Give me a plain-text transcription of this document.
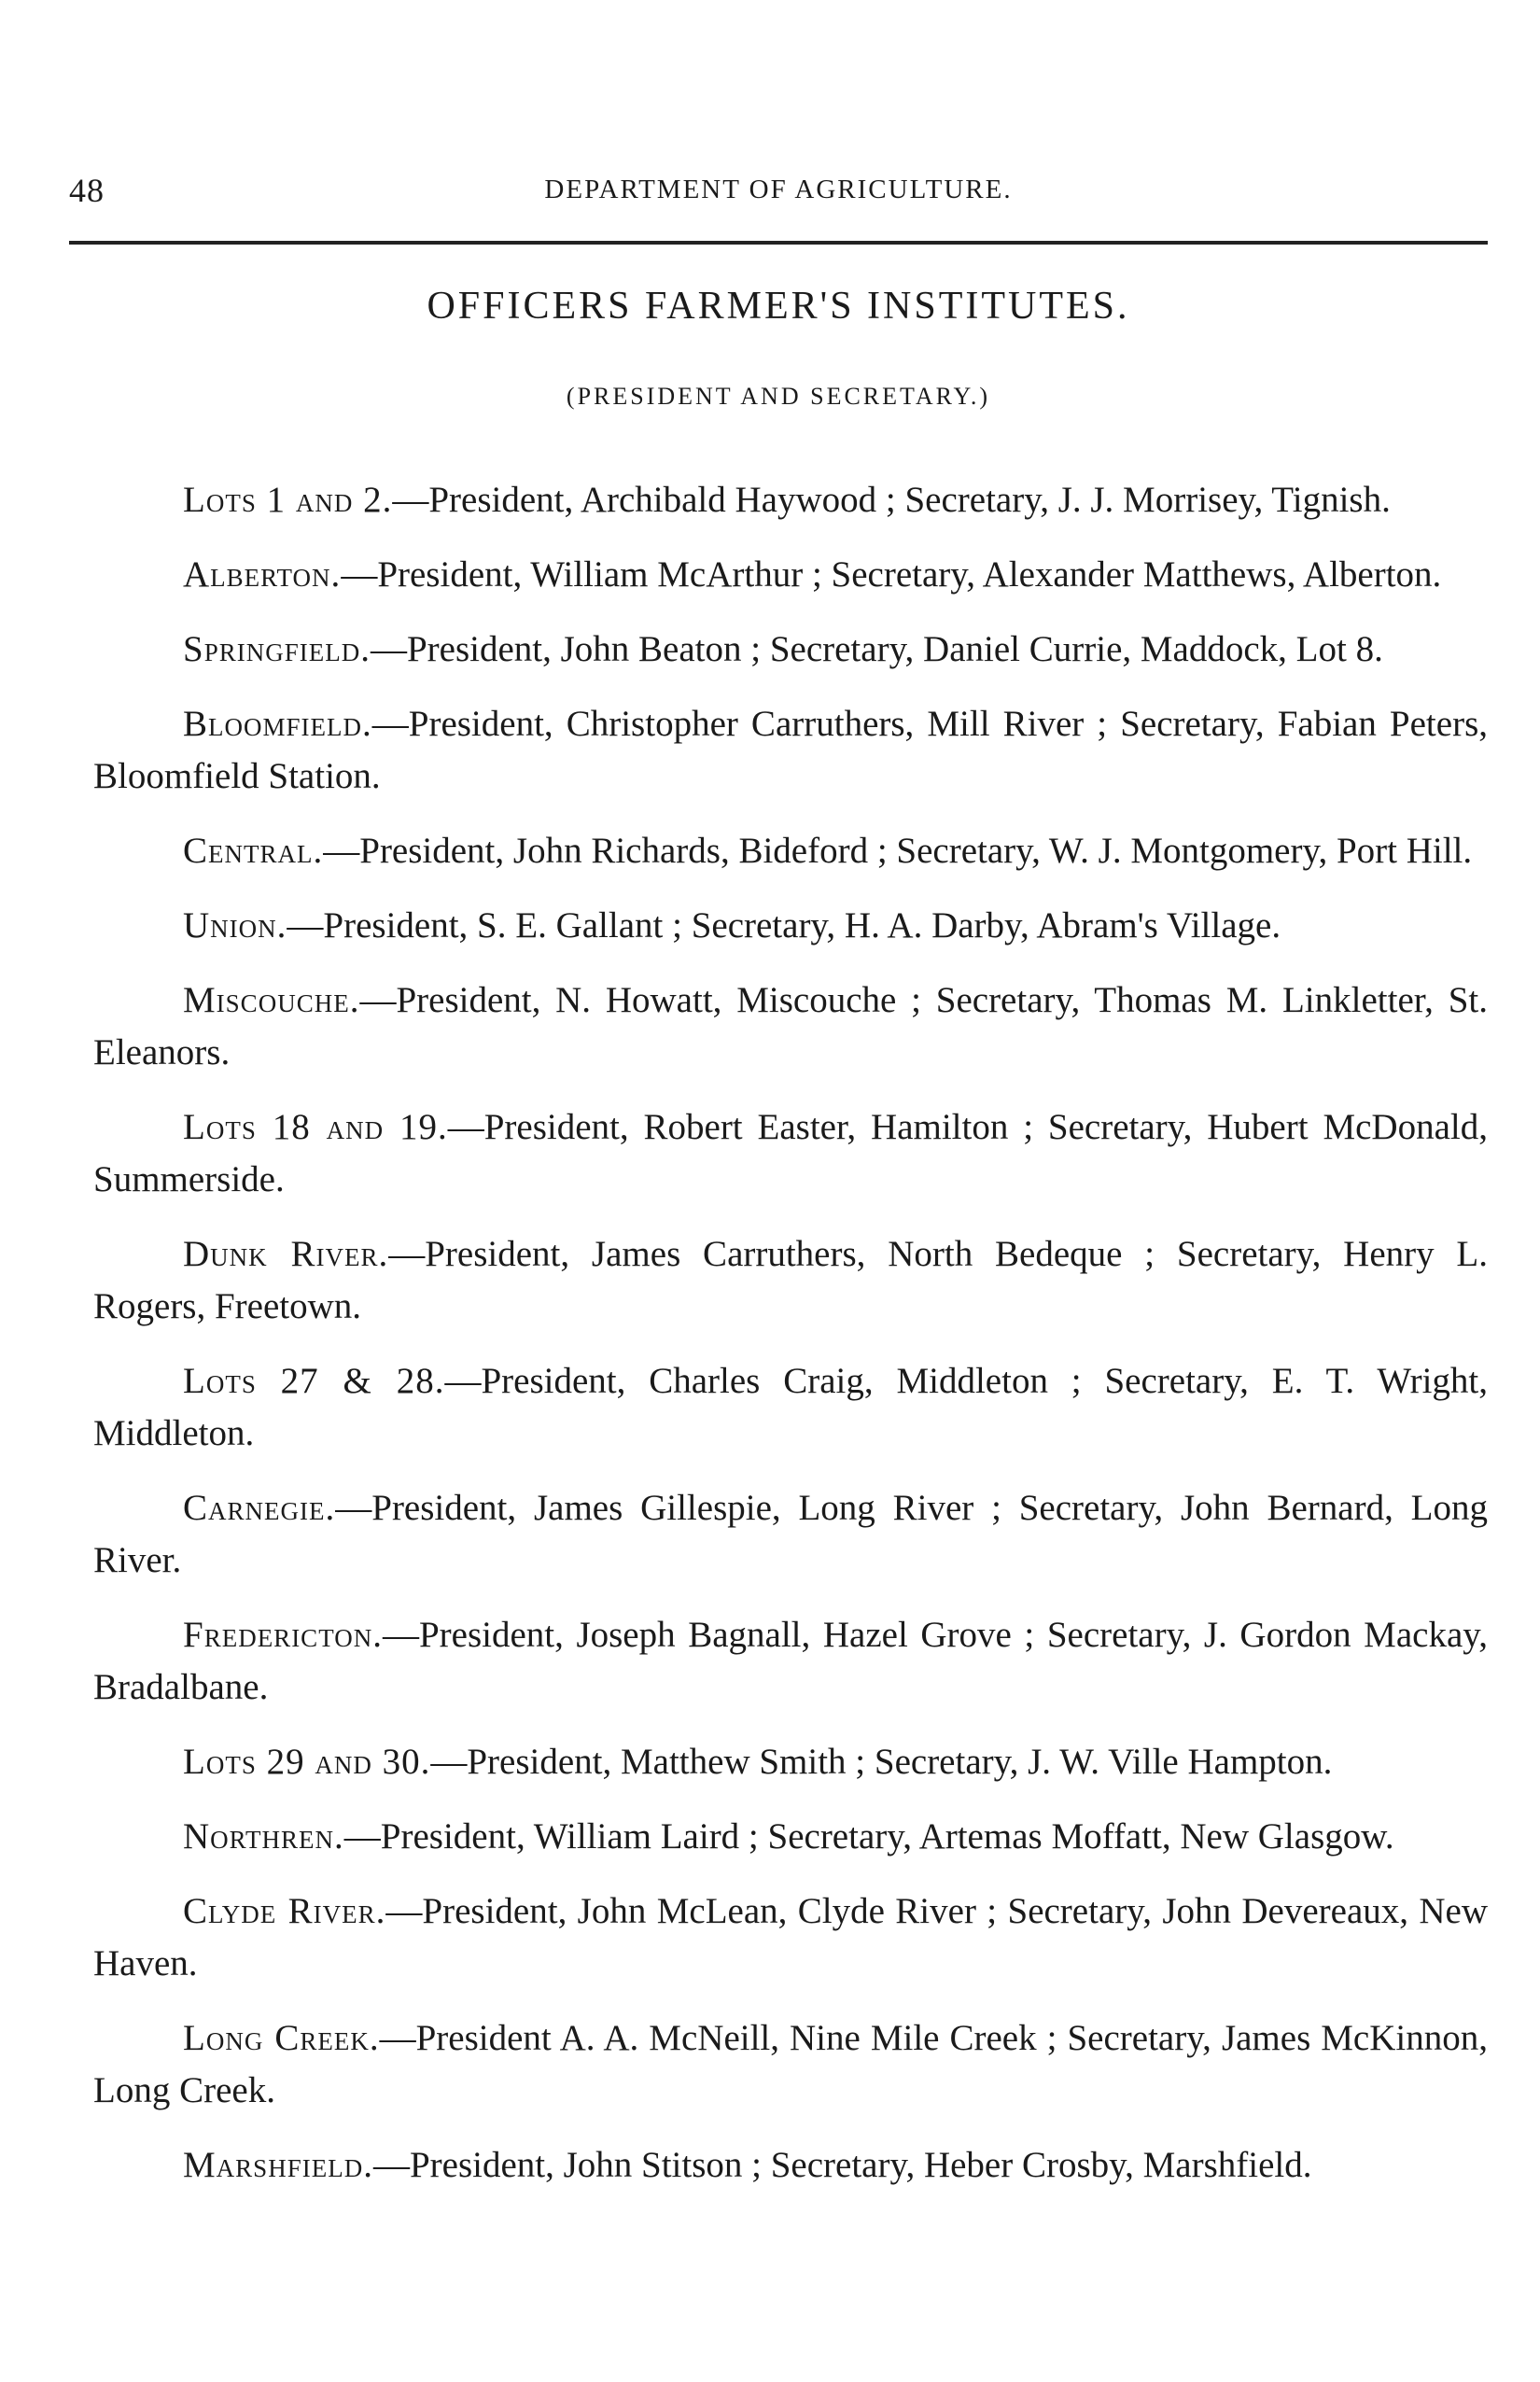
48	DEPARTMENT OF AGRICULTURE.
OFFICERS FARMER'S INSTITUTES.
(PRESIDENT AND SECRETARY.)

Lots 1 and 2.—President, Archibald Haywood ; Secretary, J. J. Morrisey, Tignish.

Alberton.—President, William McArthur ; Secretary, Alexander Matthews, Alberton.

Springfield.—President, John Beaton ; Secretary, Daniel Currie, Maddock, Lot 8.

Bloomfield.—President, Christopher Carruthers, Mill River ; Secretary, Fabian Peters, Bloomfield Station.

Central.—President, John Richards, Bideford ; Secretary, W. J. Montgomery, Port Hill.

Union.—President, S. E. Gallant ; Secretary, H. A. Darby, Abram's Village.

Miscouche.—President, N. Howatt, Miscouche ; Secretary, Thomas M. Linkletter, St. Eleanors.

Lots 18 and 19.—President, Robert Easter, Hamilton ; Secretary, Hubert McDonald, Summerside.

Dunk River.—President, James Carruthers, North Bedeque ; Secretary, Henry L. Rogers, Freetown.

Lots 27 & 28.—President, Charles Craig, Middleton ; Secretary, E. T. Wright, Middleton.

Carnegie.—President, James Gillespie, Long River ; Secretary, John Bernard, Long River.

Fredericton.—President, Joseph Bagnall, Hazel Grove ; Secretary, J. Gordon Mackay, Bradalbane.

Lots 29 and 30.—President, Matthew Smith ; Secretary, J. W. Ville Hampton.

Northren.—President, William Laird ; Secretary, Artemas Moffatt, New Glasgow.

Clyde River.—President, John McLean, Clyde River ; Secretary, John Devereaux, New Haven.

Long Creek.—President A. A. McNeill, Nine Mile Creek ; Secretary, James McKinnon, Long Creek.

Marshfield.—President, John Stitson ; Secretary, Heber Crosby, Marshfield.
